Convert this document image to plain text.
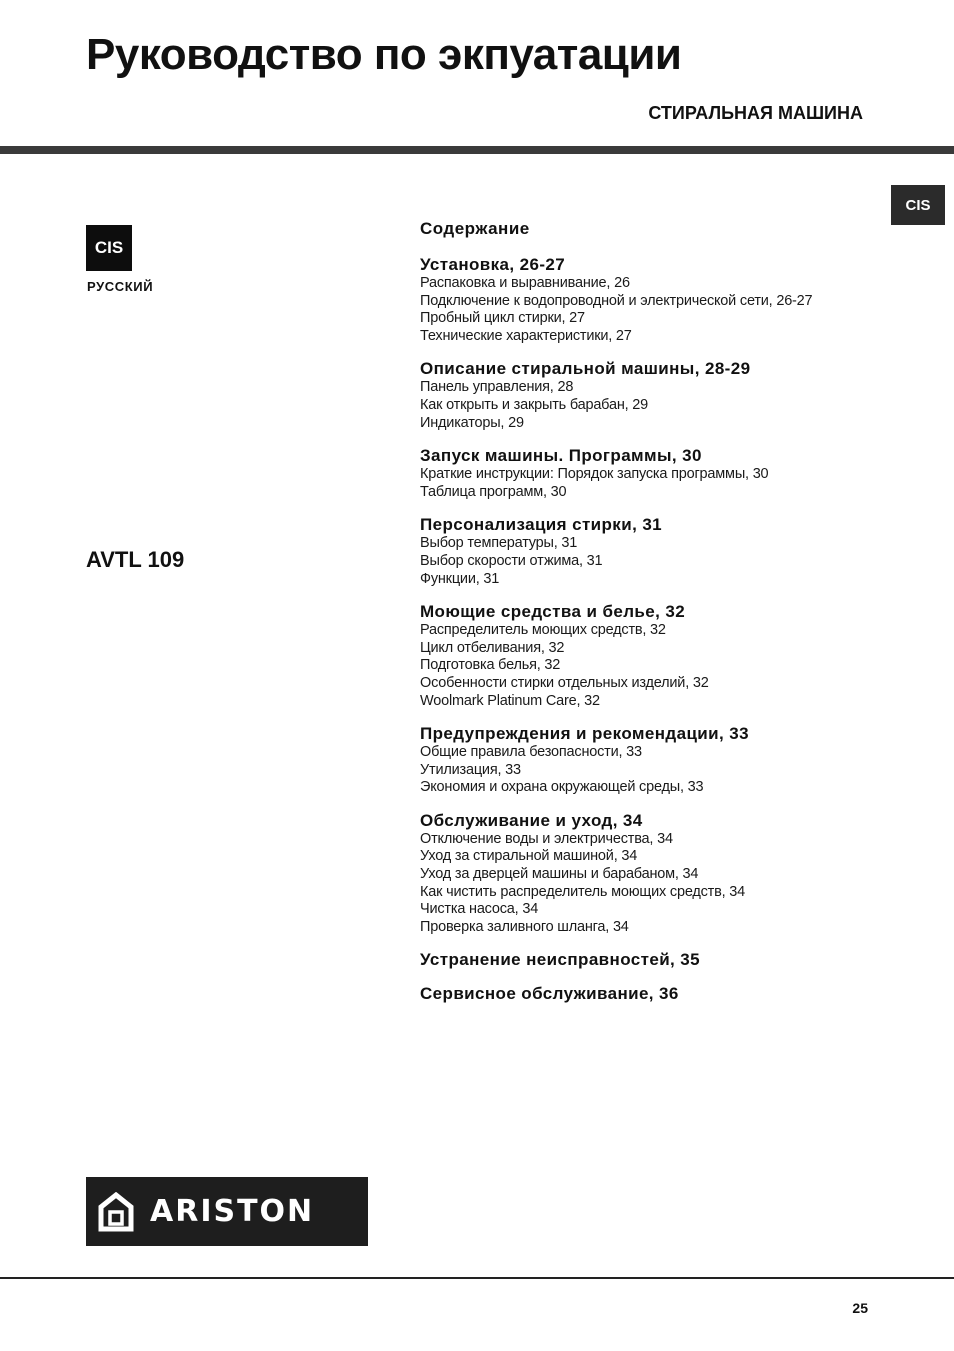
Руководство по экпуатации
СТИРАЛЬНАЯ МАШИНА
CIS
CIS
РУССКИЙ
AVTL 109
Содержание
Установка, 26-27
Распаковка и выравнивание, 26
Подключение к водопроводной и электрической сети, 26-27
Пробный цикл стирки, 27
Технические характеристики, 27
Описание стиральной машины, 28-29
Панель управления, 28
Как открыть и закрыть барабан, 29
Индикаторы, 29
Запуск машины. Программы, 30
Краткие инструкции: Порядок запуска программы, 30
Таблица программ, 30
Персонализация стирки, 31
Выбор температуры, 31
Выбор скорости отжима, 31
Функции, 31
Моющие средства и белье, 32
Распределитель моющих средств, 32
Цикл отбеливания, 32
Подготовка белья, 32
Особенности стирки отдельных изделий, 32
Woolmark Platinum Care, 32
Предупреждения и рекомендации, 33
Общие правила безопасности, 33
Утилизация, 33
Экономия и охрана окружающей среды, 33
Обслуживание и уход, 34
Отключение воды и электричества, 34
Уход за стиральной машиной, 34
Уход за дверцей машины и барабаном, 34
Как чистить распределитель моющих средств, 34
Чистка насоса, 34
Проверка заливного шланга, 34
Устранение неисправностей, 35
Сервисное обслуживание, 36
ARISTON
25
